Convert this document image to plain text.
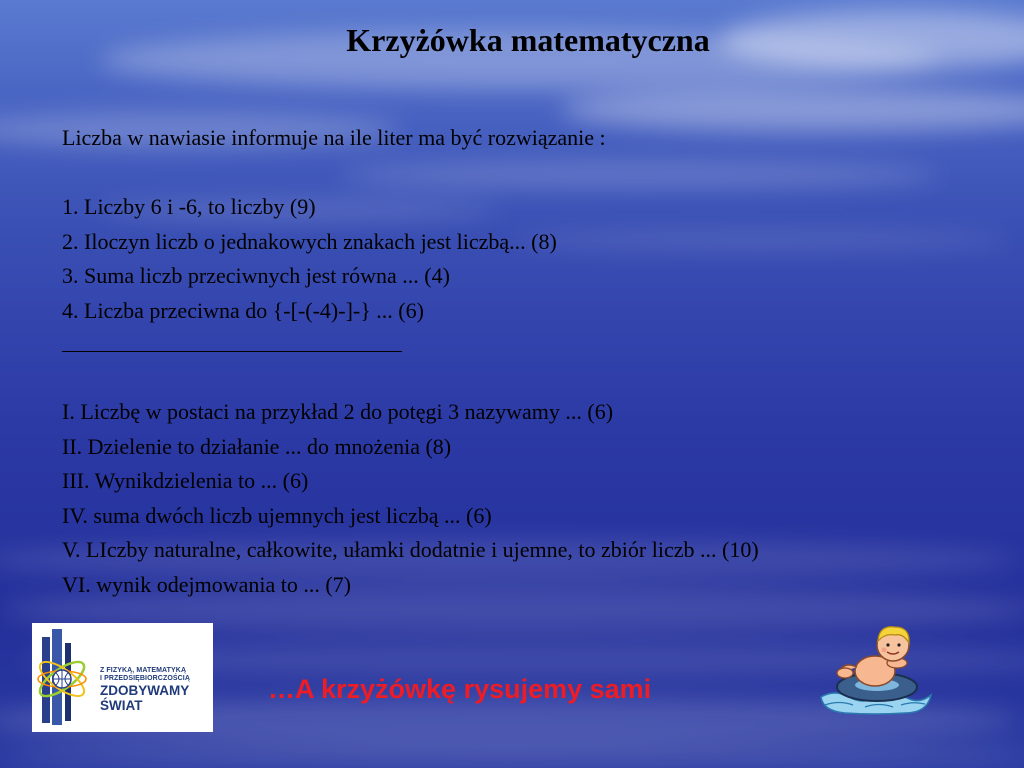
Krzyżówka matematyczna
Liczba w nawiasie informuje na ile liter ma być rozwiązanie :
1. Liczby 6 i -6, to liczby (9)
2. Iloczyn liczb o jednakowych znakach jest liczbą... (8)
3. Suma liczb przeciwnych jest równa ... (4)
4. Liczba przeciwna do {-[-(-4)-]-} ... (6)
I. Liczbę w postaci na przykład 2 do potęgi 3 nazywamy ... (6)
II. Dzielenie to działanie ... do mnożenia (8)
III. Wynikdzielenia to ... (6)
IV. suma dwóch liczb ujemnych jest liczbą ... (6)
V. LIczby naturalne, całkowite, ułamki dodatnie i ujemne, to zbiór liczb ... (10)
VI. wynik odejmowania to ... (7)
Z FIZYKĄ, MATEMATYKĄ
I PRZEDSIĘBIORCZOŚCIĄ
ZDOBYWAMY
ŚWIAT
…A krzyżówkę rysujemy sami
